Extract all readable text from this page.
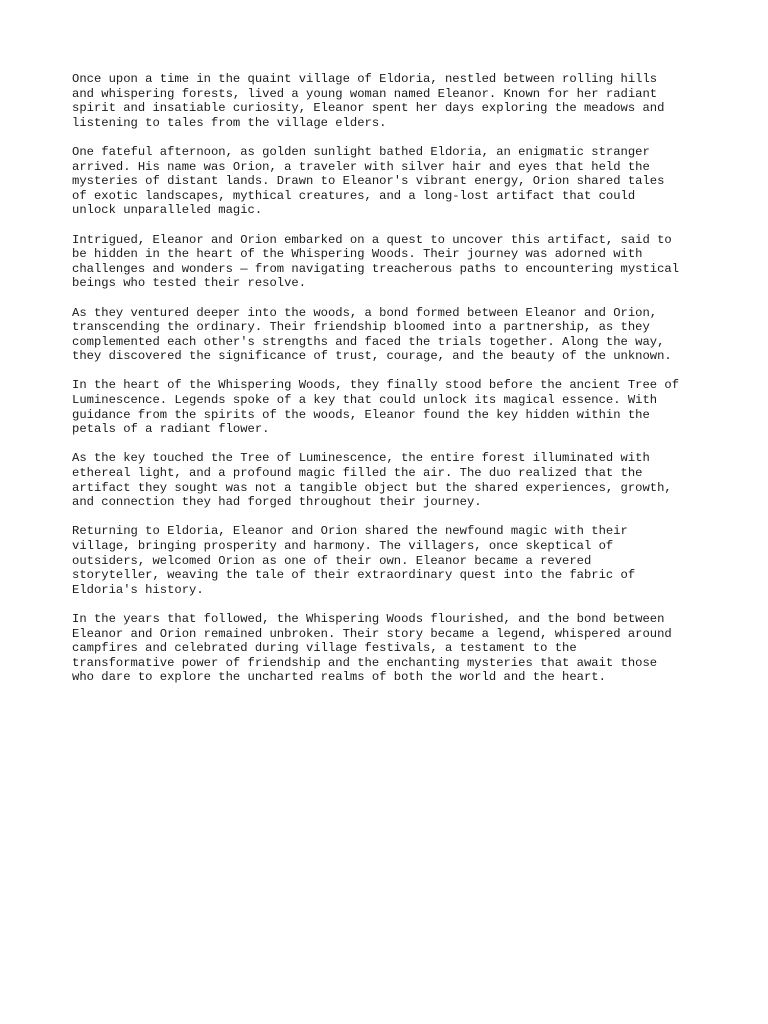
Once upon a time in the quaint village of Eldoria, nestled between rolling hills
and whispering forests, lived a young woman named Eleanor. Known for her radiant
spirit and insatiable curiosity, Eleanor spent her days exploring the meadows and
listening to tales from the village elders.

One fateful afternoon, as golden sunlight bathed Eldoria, an enigmatic stranger
arrived. His name was Orion, a traveler with silver hair and eyes that held the
mysteries of distant lands. Drawn to Eleanor's vibrant energy, Orion shared tales
of exotic landscapes, mythical creatures, and a long-lost artifact that could
unlock unparalleled magic.

Intrigued, Eleanor and Orion embarked on a quest to uncover this artifact, said to
be hidden in the heart of the Whispering Woods. Their journey was adorned with
challenges and wonders — from navigating treacherous paths to encountering mystical
beings who tested their resolve.

As they ventured deeper into the woods, a bond formed between Eleanor and Orion,
transcending the ordinary. Their friendship bloomed into a partnership, as they
complemented each other's strengths and faced the trials together. Along the way,
they discovered the significance of trust, courage, and the beauty of the unknown.

In the heart of the Whispering Woods, they finally stood before the ancient Tree of
Luminescence. Legends spoke of a key that could unlock its magical essence. With
guidance from the spirits of the woods, Eleanor found the key hidden within the
petals of a radiant flower.

As the key touched the Tree of Luminescence, the entire forest illuminated with
ethereal light, and a profound magic filled the air. The duo realized that the
artifact they sought was not a tangible object but the shared experiences, growth,
and connection they had forged throughout their journey.

Returning to Eldoria, Eleanor and Orion shared the newfound magic with their
village, bringing prosperity and harmony. The villagers, once skeptical of
outsiders, welcomed Orion as one of their own. Eleanor became a revered
storyteller, weaving the tale of their extraordinary quest into the fabric of
Eldoria's history.

In the years that followed, the Whispering Woods flourished, and the bond between
Eleanor and Orion remained unbroken. Their story became a legend, whispered around
campfires and celebrated during village festivals, a testament to the
transformative power of friendship and the enchanting mysteries that await those
who dare to explore the uncharted realms of both the world and the heart.
